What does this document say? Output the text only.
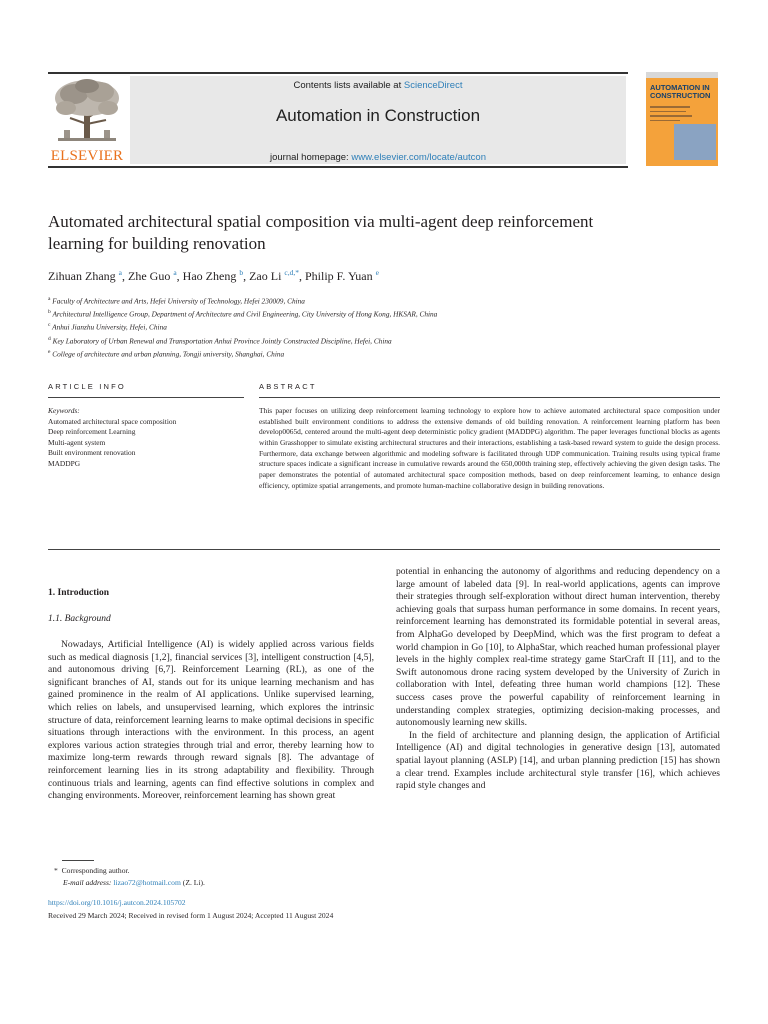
ELSEVIER
Contents lists available at ScienceDirect
Automation in Construction
journal homepage: www.elsevier.com/locate/autcon
AUTOMATION IN CONSTRUCTION
Automated architectural spatial composition via multi-agent deep reinforcement learning for building renovation
Zihuan Zhang $^a$, Zhe Guo $^a$, Hao Zheng $^b$, Zao Li $^{c,d,*}$, Philip F. Yuan $^e$
$^a$ Faculty of Architecture and Arts, Hefei University of Technology, Hefei 230009, China
$^b$ Architectural Intelligence Group, Department of Architecture and Civil Engineering, City University of Hong Kong, HKSAR, China
$^c$ Anhui Jianzhu University, Hefei, China
$^d$ Key Laboratory of Urban Renewal and Transportation Anhui Province Jointly Constructed Discipline, Hefei, China
$^e$ College of architecture and urban planning, Tongji university, Shanghai, China
ARTICLE INFO	ABSTRACT
Keywords:
Automated architectural space composition
Deep reinforcement Learning
Multi-agent system
Built environment renovation
MADDPG
This paper focuses on utilizing deep reinforcement learning technology to explore how to achieve automated architectural space composition under established built environment conditions to address the extensive demands of old building renovation. A reinforcement learning platform has been develop0065d, centered around the multi-agent deep deterministic policy gradient (MADDPG) algorithm. The paper leverages functional blocks as agents within Grasshopper to simulate existing architectural structures and their interactions, establishing a task-based reward system to guide the design process. Furthermore, data exchange between algorithmic and modeling software is facilitated through UDP communication. Training results using typical frame structure spaces indicate a significant increase in cumulative rewards around the 650,000th training step, effectively achieving the given design tasks. The paper demonstrates the potential of automated architectural space composition methods, based on deep reinforcement learning, to enhance design efficiency, optimize spatial arrangements, and promote human-machine collaborative design in building renovations.
1. Introduction
1.1. Background

Nowadays, Artificial Intelligence (AI) is widely applied across various fields such as medical diagnosis [1,2], financial services [3], intelligent construction [4,5], and autonomous driving [6,7]. Reinforcement Learning (RL), as one of the significant branches of AI, stands out for its unique learning mechanism and has gained prominence in the realm of AI applications. Unlike supervised learning, which relies on labels, and unsupervised learning, which explores the intrinsic structure of data, reinforcement learning learns to make optimal decisions in specific situations through interactions with the environment. In this process, an agent explores various action strategies through trial and error, thereby learning how to maximize long-term rewards through reward signals [8]. The advantage of reinforcement learning lies in its strong adaptability and flexibility. Through continuous trials and learning, agents can find effective solutions in complex and changing environments. Moreover, reinforcement learning has shown great

potential in enhancing the autonomy of algorithms and reducing dependency on a large amount of labeled data [9]. In real-world applications, agents can improve their strategies through self-exploration without direct human intervention, thereby achieving goals that surpass human performance in some domains. In recent years, reinforcement learning has demonstrated its formidable potential in several areas, from AlphaGo developed by DeepMind, which was the first program to defeat a world champion in Go [10], to AlphaStar, which reached human professional player levels in the highly complex real-time strategy game StarCraft II [11], and to the Swift autonomous drone racing system developed by the University of Zurich in collaboration with Intel, defeating three human world champions [12]. These success cases prove the powerful capability of reinforcement learning in understanding complex strategies, optimizing decision-making processes, and autonomously learning new skills.

In the field of architecture and planning design, the application of Artificial Intelligence (AI) and digital technologies in generative design [13], automated spatial layout planning (ASLP) [14], and urban planning prediction [15] has shown a clear trend. Examples include architectural style transfer [16], which achieves rapid style changes and

* Corresponding author.
E-mail address: lizao72@hotmail.com (Z. Li).
https://doi.org/10.1016/j.autcon.2024.105702
Received 29 March 2024; Received in revised form 1 August 2024; Accepted 11 August 2024
